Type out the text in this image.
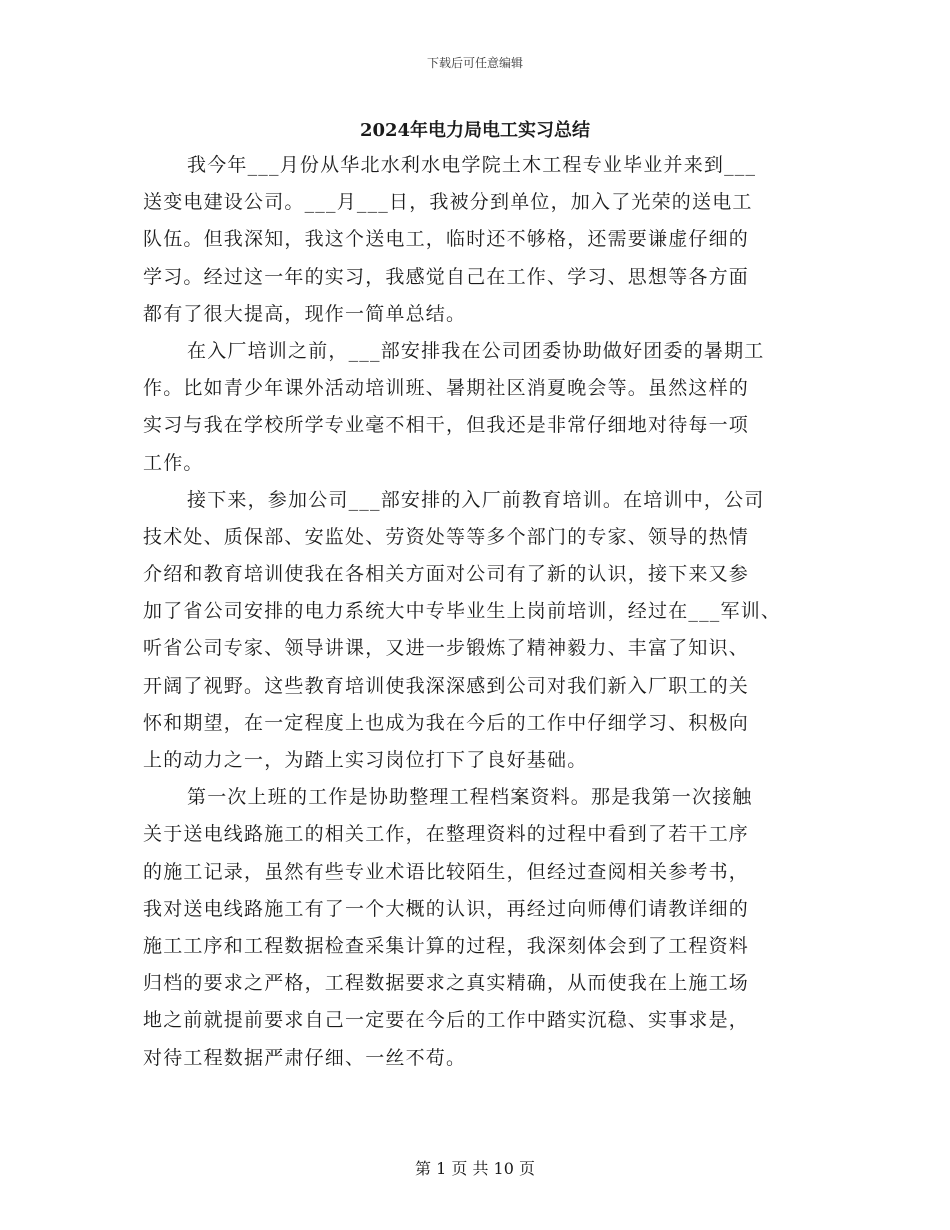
下载后可任意编辑
2024年电力局电工实习总结
我今年___月份从华北水利水电学院土木工程专业毕业并来到___
送变电建设公司。___月___日，我被分到单位，加入了光荣的送电工
队伍。但我深知，我这个送电工，临时还不够格，还需要谦虚仔细的
学习。经过这一年的实习，我感觉自己在工作、学习、思想等各方面
都有了很大提高，现作一简单总结。
在入厂培训之前，___部安排我在公司团委协助做好团委的暑期工
作。比如青少年课外活动培训班、暑期社区消夏晚会等。虽然这样的
实习与我在学校所学专业毫不相干，但我还是非常仔细地对待每一项
工作。
接下来，参加公司___部安排的入厂前教育培训。在培训中，公司
技术处、质保部、安监处、劳资处等等多个部门的专家、领导的热情
介绍和教育培训使我在各相关方面对公司有了新的认识，接下来又参
加了省公司安排的电力系统大中专毕业生上岗前培训，经过在___军训、
听省公司专家、领导讲课，又进一步锻炼了精神毅力、丰富了知识、
开阔了视野。这些教育培训使我深深感到公司对我们新入厂职工的关
怀和期望，在一定程度上也成为我在今后的工作中仔细学习、积极向
上的动力之一，为踏上实习岗位打下了良好基础。
第一次上班的工作是协助整理工程档案资料。那是我第一次接触
关于送电线路施工的相关工作，在整理资料的过程中看到了若干工序
的施工记录，虽然有些专业术语比较陌生，但经过查阅相关参考书，
我对送电线路施工有了一个大概的认识，再经过向师傅们请教详细的
施工工序和工程数据检查采集计算的过程，我深刻体会到了工程资料
归档的要求之严格，工程数据要求之真实精确，从而使我在上施工场
地之前就提前要求自己一定要在今后的工作中踏实沉稳、实事求是，
对待工程数据严肃仔细、一丝不苟。
第 1 页 共 10 页
